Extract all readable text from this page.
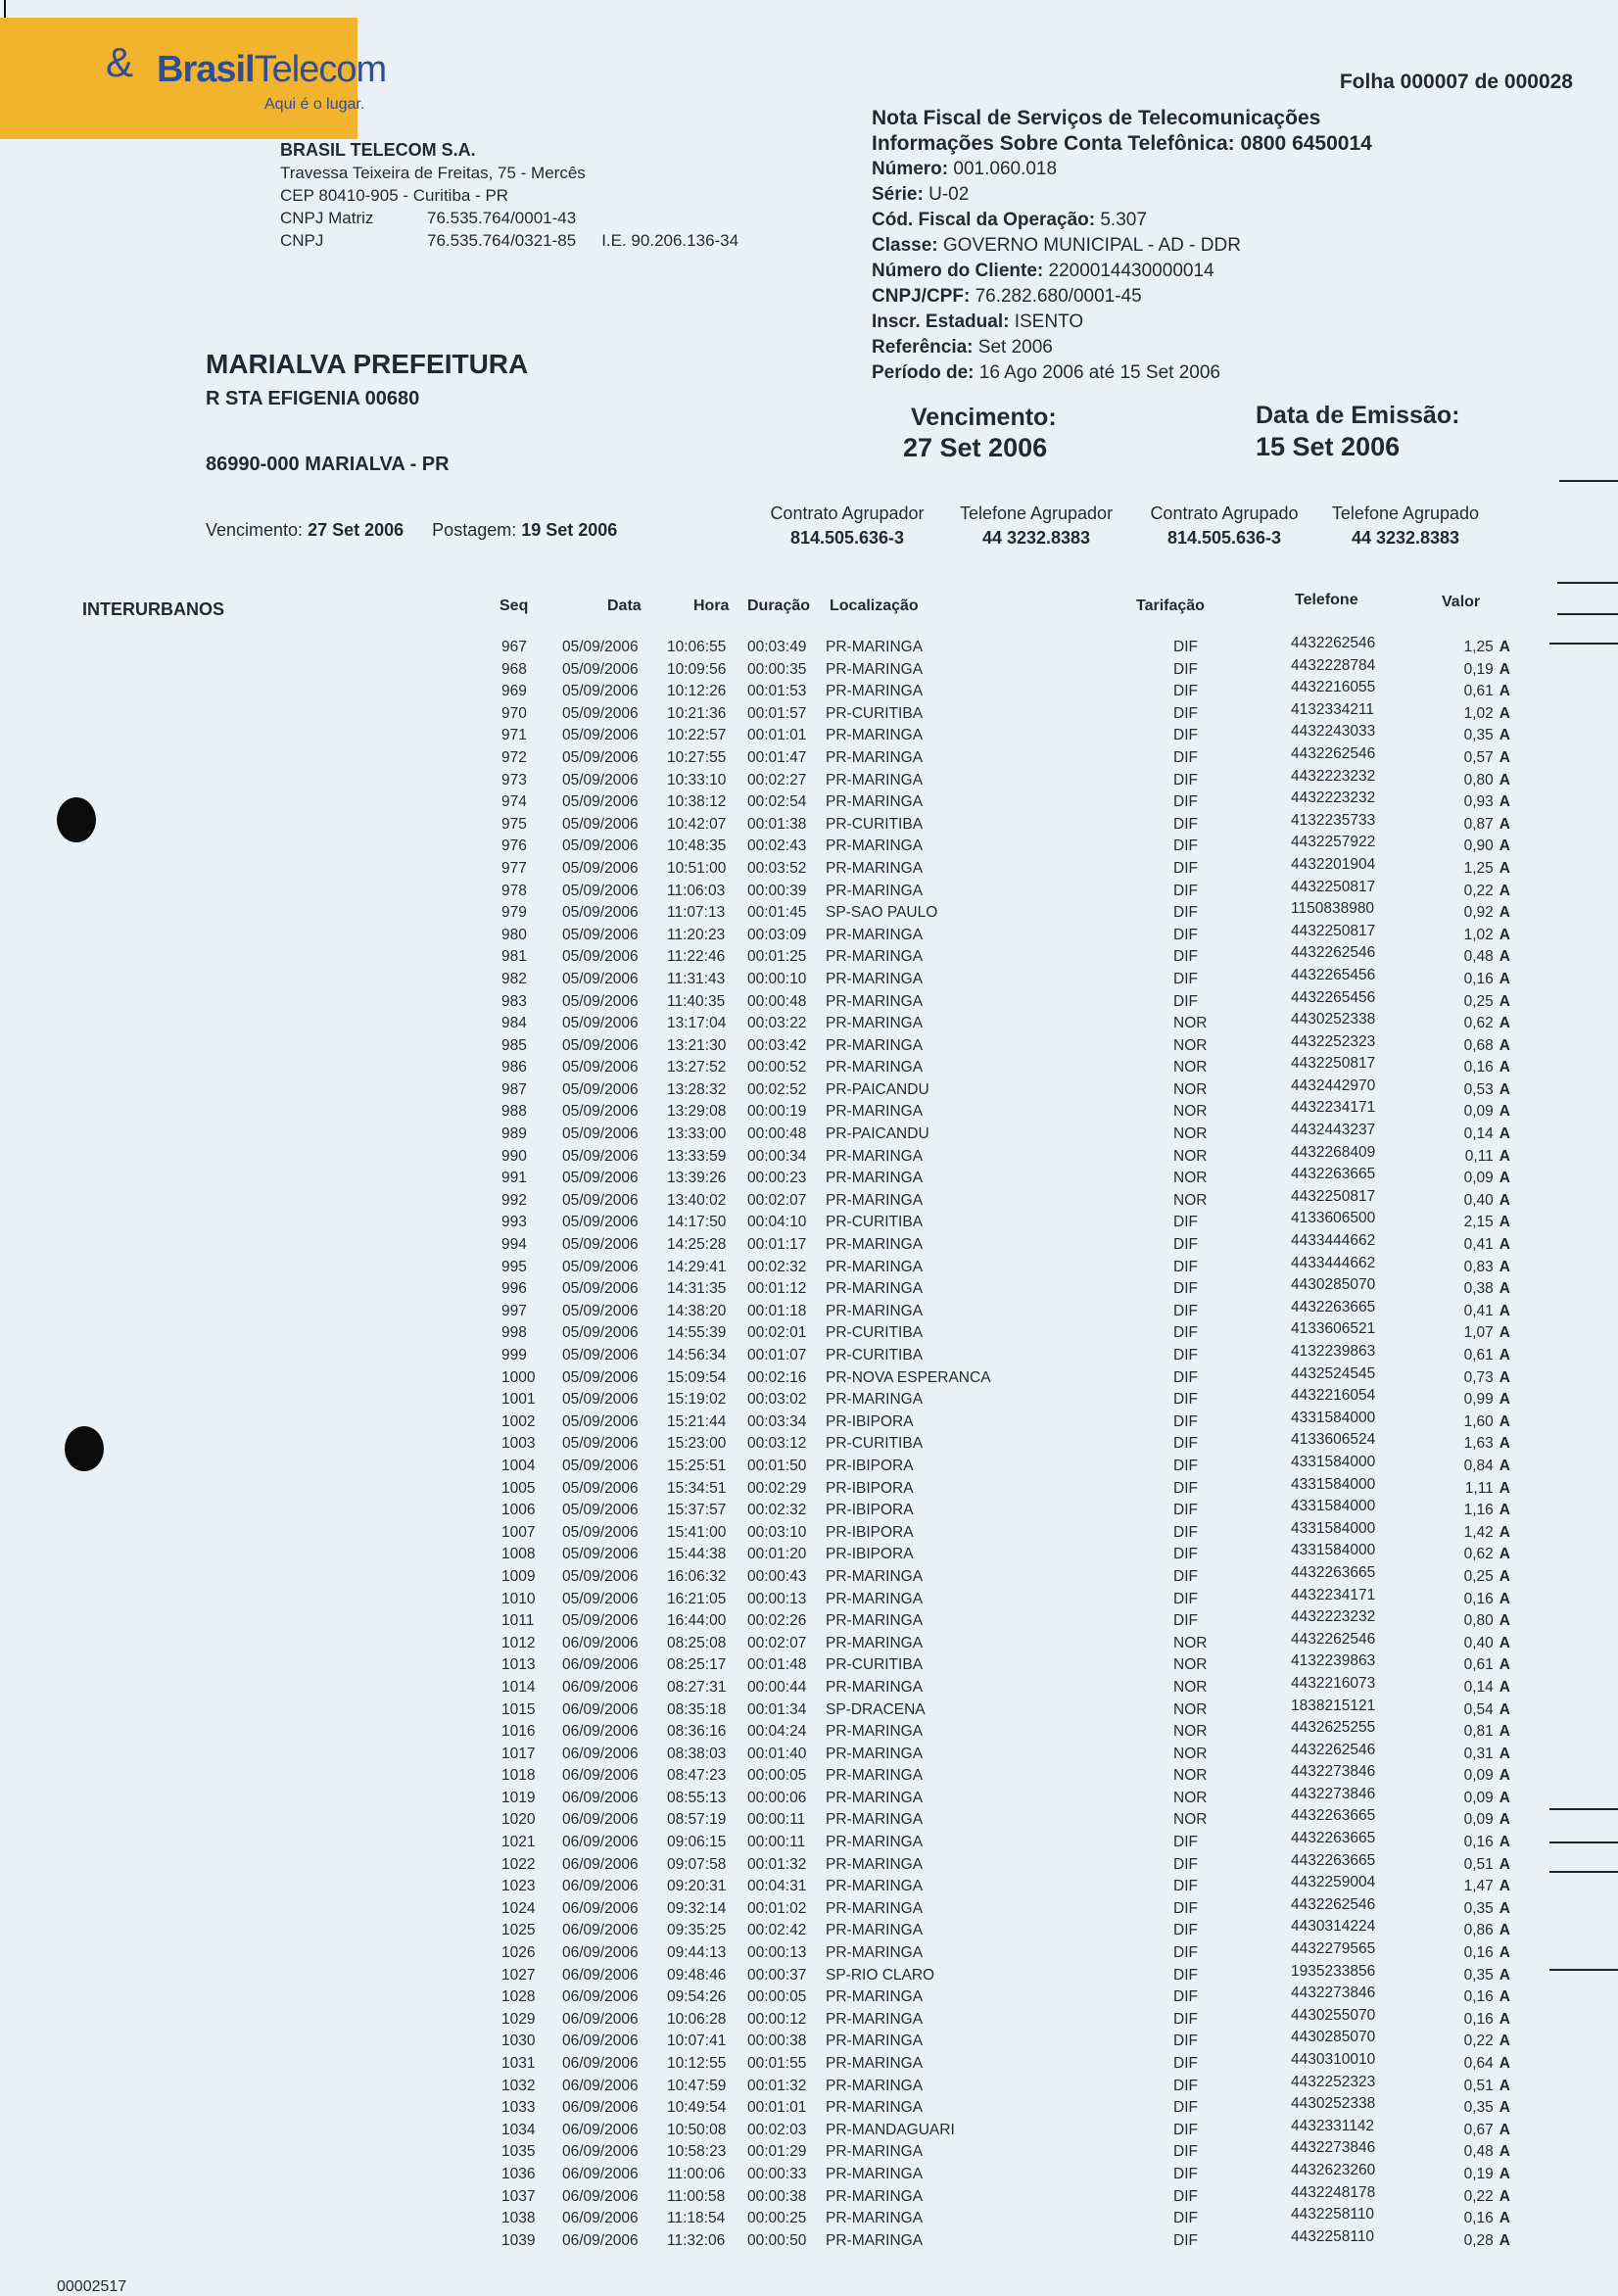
& BrasilTelecom
Aqui é o lugar.
Folha 000007 de 000028
BRASIL TELECOM S.A.
Travessa Teixeira de Freitas, 75 - Mercês
CEP 80410-905 - Curitiba - PR
CNPJ Matriz	76.535.764/0001-43
CNPJ	76.535.764/0321-85 I.E. 90.206.136-34
Nota Fiscal de Serviços de Telecomunicações
Informações Sobre Conta Telefônica: 0800 6450014
Número: 001.060.018
Série: U-02
Cód. Fiscal da Operação: 5.307
Classe: GOVERNO MUNICIPAL - AD - DDR
Número do Cliente: 2200014430000014
CNPJ/CPF: 76.282.680/0001-45
Inscr. Estadual: ISENTO
Referência: Set 2006
Período de: 16 Ago 2006 até 15 Set 2006
MARIALVA PREFEITURA
R STA EFIGENIA 00680
86990-000 MARIALVA - PR
Vencimento:
27 Set 2006
Data de Emissão:
15 Set 2006
Vencimento: 27 Set 2006 Postagem: 19 Set 2006
Contrato Agrupador
814.505.636-3
Telefone Agrupador
44 3232.8383
Contrato Agrupado
814.505.636-3
Telefone Agrupado
44 3232.8383
INTERURBANOS	Seq	Data	Hora Duração Localização	Tarifação	Telefone	Valor
967 05/09/2006 10:06:55 00:03:49 PR-MARINGA	DIF	4432262546	1,25 A
968 05/09/2006 10:09:56 00:00:35 PR-MARINGA	DIF	4432228784	0,19 A
969 05/09/2006 10:12:26 00:01:53 PR-MARINGA	DIF	4432216055	0,61 A
970 05/09/2006 10:21:36 00:01:57 PR-CURITIBA	DIF	4132334211	1,02 A
971 05/09/2006 10:22:57 00:01:01 PR-MARINGA	DIF	4432243033	0,35 A
972 05/09/2006 10:27:55 00:01:47 PR-MARINGA	DIF	4432262546	0,57 A
973 05/09/2006 10:33:10 00:02:27 PR-MARINGA	DIF	4432223232	0,80 A
974 05/09/2006 10:38:12 00:02:54 PR-MARINGA	DIF	4432223232	0,93 A
975 05/09/2006 10:42:07 00:01:38 PR-CURITIBA	DIF	4132235733	0,87 A
976 05/09/2006 10:48:35 00:02:43 PR-MARINGA	DIF	4432257922	0,90 A
977 05/09/2006 10:51:00 00:03:52 PR-MARINGA	DIF	4432201904	1,25 A
978 05/09/2006 11:06:03 00:00:39 PR-MARINGA	DIF	4432250817	0,22 A
979 05/09/2006 11:07:13 00:01:45 SP-SAO PAULO	DIF	1150838980	0,92 A
980 05/09/2006 11:20:23 00:03:09 PR-MARINGA	DIF	4432250817	1,02 A
981 05/09/2006 11:22:46 00:01:25 PR-MARINGA	DIF	4432262546	0,48 A
982 05/09/2006 11:31:43 00:00:10 PR-MARINGA	DIF	4432265456	0,16 A
983 05/09/2006 11:40:35 00:00:48 PR-MARINGA	DIF	4432265456	0,25 A
984 05/09/2006 13:17:04 00:03:22 PR-MARINGA	NOR	4430252338	0,62 A
985 05/09/2006 13:21:30 00:03:42 PR-MARINGA	NOR	4432252323	0,68 A
986 05/09/2006 13:27:52 00:00:52 PR-MARINGA	NOR	4432250817	0,16 A
987 05/09/2006 13:28:32 00:02:52 PR-PAICANDU	NOR	4432442970	0,53 A
988 05/09/2006 13:29:08 00:00:19 PR-MARINGA	NOR	4432234171	0,09 A
989 05/09/2006 13:33:00 00:00:48 PR-PAICANDU	NOR	4432443237	0,14 A
990 05/09/2006 13:33:59 00:00:34 PR-MARINGA	NOR	4432268409	0,11 A
991 05/09/2006 13:39:26 00:00:23 PR-MARINGA	NOR	4432263665	0,09 A
992 05/09/2006 13:40:02 00:02:07 PR-MARINGA	NOR	4432250817	0,40 A
993 05/09/2006 14:17:50 00:04:10 PR-CURITIBA	DIF	4133606500	2,15 A
994 05/09/2006 14:25:28 00:01:17 PR-MARINGA	DIF	4433444662	0,41 A
995 05/09/2006 14:29:41 00:02:32 PR-MARINGA	DIF	4433444662	0,83 A
996 05/09/2006 14:31:35 00:01:12 PR-MARINGA	DIF	4430285070	0,38 A
997 05/09/2006 14:38:20 00:01:18 PR-MARINGA	DIF	4432263665	0,41 A
998 05/09/2006 14:55:39 00:02:01 PR-CURITIBA	DIF	4133606521	1,07 A
999 05/09/2006 14:56:34 00:01:07 PR-CURITIBA	DIF	4132239863	0,61 A
1000 05/09/2006 15:09:54 00:02:16 PR-NOVA ESPERANCA	DIF	4432524545	0,73 A
1001 05/09/2006 15:19:02 00:03:02 PR-MARINGA	DIF	4432216054	0,99 A
1002 05/09/2006 15:21:44 00:03:34 PR-IBIPORA	DIF	4331584000	1,60 A
1003 05/09/2006 15:23:00 00:03:12 PR-CURITIBA	DIF	4133606524	1,63 A
1004 05/09/2006 15:25:51 00:01:50 PR-IBIPORA	DIF	4331584000	0,84 A
1005 05/09/2006 15:34:51 00:02:29 PR-IBIPORA	DIF	4331584000	1,11 A
1006 05/09/2006 15:37:57 00:02:32 PR-IBIPORA	DIF	4331584000	1,16 A
1007 05/09/2006 15:41:00 00:03:10 PR-IBIPORA	DIF	4331584000	1,42 A
1008 05/09/2006 15:44:38 00:01:20 PR-IBIPORA	DIF	4331584000	0,62 A
1009 05/09/2006 16:06:32 00:00:43 PR-MARINGA	DIF	4432263665	0,25 A
1010 05/09/2006 16:21:05 00:00:13 PR-MARINGA	DIF	4432234171	0,16 A
1011 05/09/2006 16:44:00 00:02:26 PR-MARINGA	DIF	4432223232	0,80 A
1012 06/09/2006 08:25:08 00:02:07 PR-MARINGA	NOR	4432262546	0,40 A
1013 06/09/2006 08:25:17 00:01:48 PR-CURITIBA	NOR	4132239863	0,61 A
1014 06/09/2006 08:27:31 00:00:44 PR-MARINGA	NOR	4432216073	0,14 A
1015 06/09/2006 08:35:18 00:01:34 SP-DRACENA	NOR	1838215121	0,54 A
1016 06/09/2006 08:36:16 00:04:24 PR-MARINGA	NOR	4432625255	0,81 A
1017 06/09/2006 08:38:03 00:01:40 PR-MARINGA	NOR	4432262546	0,31 A
1018 06/09/2006 08:47:23 00:00:05 PR-MARINGA	NOR	4432273846	0,09 A
1019 06/09/2006 08:55:13 00:00:06 PR-MARINGA	NOR	4432273846	0,09 A
1020 06/09/2006 08:57:19 00:00:11 PR-MARINGA	NOR	4432263665	0,09 A
1021 06/09/2006 09:06:15 00:00:11 PR-MARINGA	DIF	4432263665	0,16 A
1022 06/09/2006 09:07:58 00:01:32 PR-MARINGA	DIF	4432263665	0,51 A
1023 06/09/2006 09:20:31 00:04:31 PR-MARINGA	DIF	4432259004	1,47 A
1024 06/09/2006 09:32:14 00:01:02 PR-MARINGA	DIF	4432262546	0,35 A
1025 06/09/2006 09:35:25 00:02:42 PR-MARINGA	DIF	4430314224	0,86 A
1026 06/09/2006 09:44:13 00:00:13 PR-MARINGA	DIF	4432279565	0,16 A
1027 06/09/2006 09:48:46 00:00:37 SP-RIO CLARO	DIF	1935233856	0,35 A
1028 06/09/2006 09:54:26 00:00:05 PR-MARINGA	DIF	4432273846	0,16 A
1029 06/09/2006 10:06:28 00:00:12 PR-MARINGA	DIF	4430255070	0,16 A
1030 06/09/2006 10:07:41 00:00:38 PR-MARINGA	DIF	4430285070	0,22 A
1031 06/09/2006 10:12:55 00:01:55 PR-MARINGA	DIF	4430310010	0,64 A
1032 06/09/2006 10:47:59 00:01:32 PR-MARINGA	DIF	4432252323	0,51 A
1033 06/09/2006 10:49:54 00:01:01 PR-MARINGA	DIF	4430252338	0,35 A
1034 06/09/2006 10:50:08 00:02:03 PR-MANDAGUARI	DIF	4432331142	0,67 A
1035 06/09/2006 10:58:23 00:01:29 PR-MARINGA	DIF	4432273846	0,48 A
1036 06/09/2006 11:00:06 00:00:33 PR-MARINGA	DIF	4432623260	0,19 A
1037 06/09/2006 11:00:58 00:00:38 PR-MARINGA	DIF	4432248178	0,22 A
1038 06/09/2006 11:18:54 00:00:25 PR-MARINGA	DIF	4432258110	0,16 A
1039 06/09/2006 11:32:06 00:00:50 PR-MARINGA	DIF	4432258110	0,28 A
00002517
